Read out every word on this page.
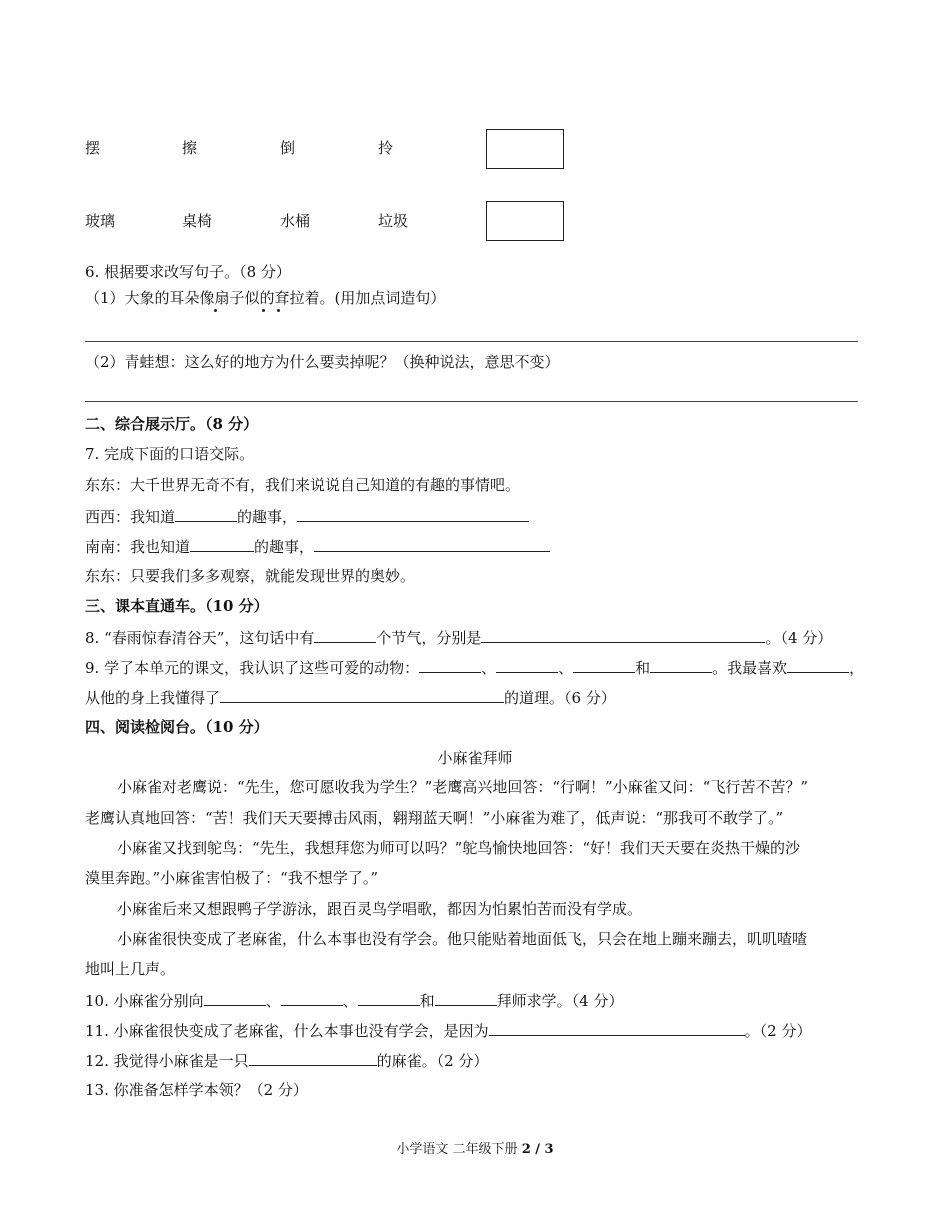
摆	擦	倒	拎
玻璃	桌椅	水桶	垃圾
6. 根据要求改写句子。（8 分）
（1）大象的耳朵像扇子似的耷拉着。(用加点词造句）
（2）青蛙想：这么好的地方为什么要卖掉呢？（换种说法，意思不变）
二、综合展示厅。（8 分）
7. 完成下面的口语交际。
东东：大千世界无奇不有，我们来说说自己知道的有趣的事情吧。
西西：我知道	的趣事，
南南：我也知道	的趣事，
东东：只要我们多多观察，就能发现世界的奥妙。
三、课本直通车。（10 分）
8. “春雨惊春清谷天”，这句话中有	个节气，分别是	。（4 分）
9. 学了本单元的课文，我认识了这些可爱的动物：	、	、	和	。我最喜欢	，
从他的身上我懂得了	的道理。（6 分）
四、阅读检阅台。（10 分）
小麻雀拜师
小麻雀对老鹰说：“先生，您可愿收我为学生？”老鹰高兴地回答：“行啊！”小麻雀又问：“飞行苦不苦？”
老鹰认真地回答：“苦！我们天天要搏击风雨，翱翔蓝天啊！”小麻雀为难了，低声说：“那我可不敢学了。”
小麻雀又找到鸵鸟：“先生，我想拜您为师可以吗？”鸵鸟愉快地回答：“好！我们天天要在炎热干燥的沙
漠里奔跑。”小麻雀害怕极了：“我不想学了。”
小麻雀后来又想跟鸭子学游泳，跟百灵鸟学唱歌，都因为怕累怕苦而没有学成。
小麻雀很快变成了老麻雀，什么本事也没有学会。他只能贴着地面低飞，只会在地上蹦来蹦去，叽叽喳喳
地叫上几声。
10. 小麻雀分别向	、	、	和	拜师求学。（4 分）
11. 小麻雀很快变成了老麻雀，什么本事也没有学会，是因为	。（2 分）
12. 我觉得小麻雀是一只	的麻雀。（2 分）
13. 你准备怎样学本领？（2 分）
小学语文 二年级下册 2 / 3
